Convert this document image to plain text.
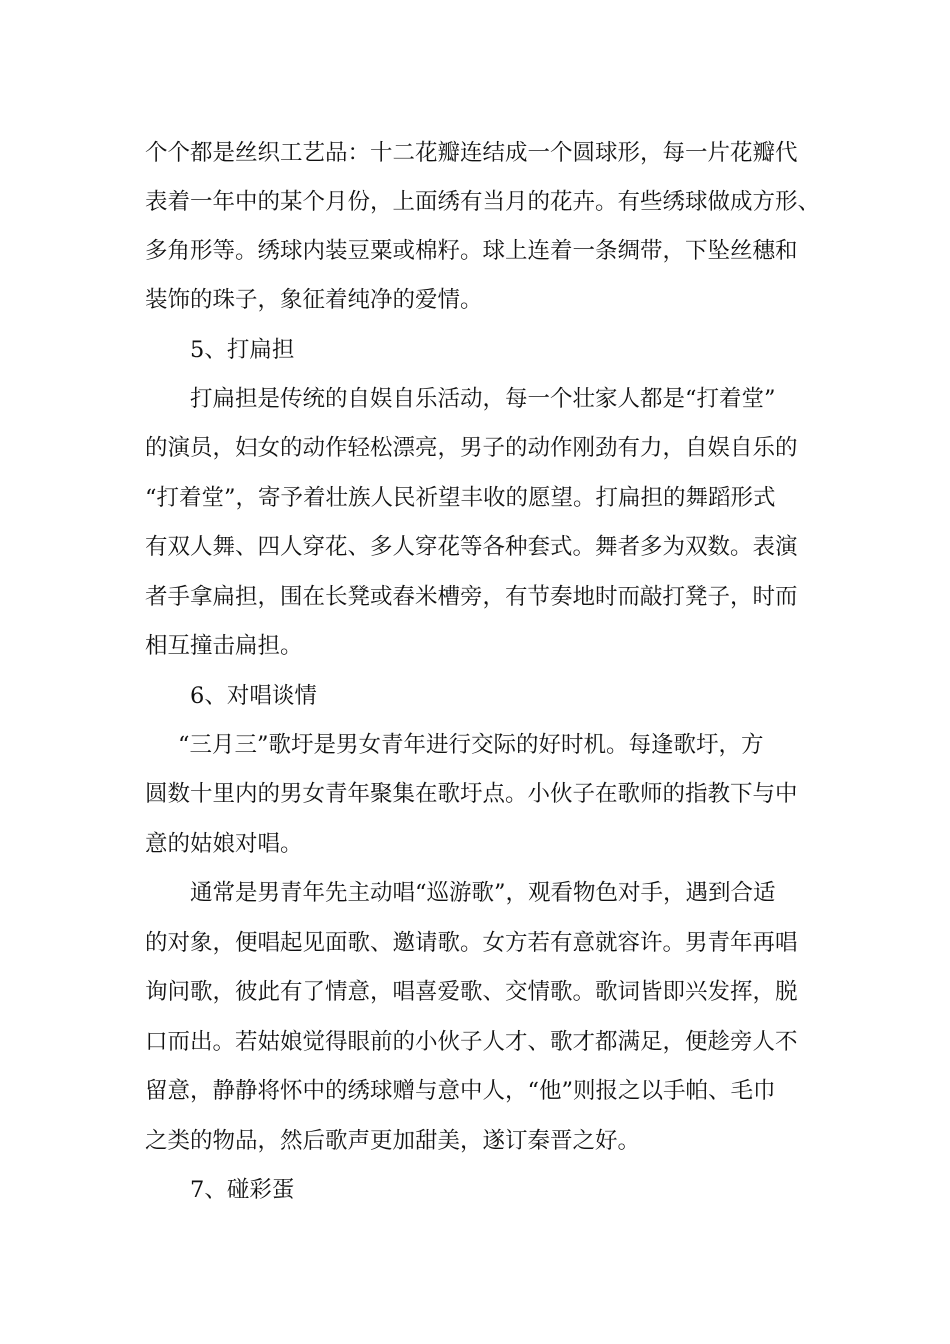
个个都是丝织工艺品：十二花瓣连结成一个圆球形，每一片花瓣代
表着一年中的某个月份，上面绣有当月的花卉。有些绣球做成方形、
多角形等。绣球内装豆粟或棉籽。球上连着一条绸带，下坠丝穗和
装饰的珠子，象征着纯净的爱情。
5、打扁担
打扁担是传统的自娱自乐活动，每一个壮家人都是“打着堂”
的演员，妇女的动作轻松漂亮，男子的动作刚劲有力，自娱自乐的
“打着堂”，寄予着壮族人民祈望丰收的愿望。打扁担的舞蹈形式
有双人舞、四人穿花、多人穿花等各种套式。舞者多为双数。表演
者手拿扁担，围在长凳或舂米槽旁，有节奏地时而敲打凳子，时而
相互撞击扁担。
6、对唱谈情
“三月三”歌圩是男女青年进行交际的好时机。每逢歌圩，方
圆数十里内的男女青年聚集在歌圩点。小伙子在歌师的指教下与中
意的姑娘对唱。
通常是男青年先主动唱“巡游歌”，观看物色对手，遇到合适
的对象，便唱起见面歌、邀请歌。女方若有意就容许。男青年再唱
询问歌，彼此有了情意，唱喜爱歌、交情歌。歌词皆即兴发挥，脱
口而出。若姑娘觉得眼前的小伙子人才、歌才都满足，便趁旁人不
留意，静静将怀中的绣球赠与意中人，“他”则报之以手帕、毛巾
之类的物品，然后歌声更加甜美，遂订秦晋之好。
7、碰彩蛋
